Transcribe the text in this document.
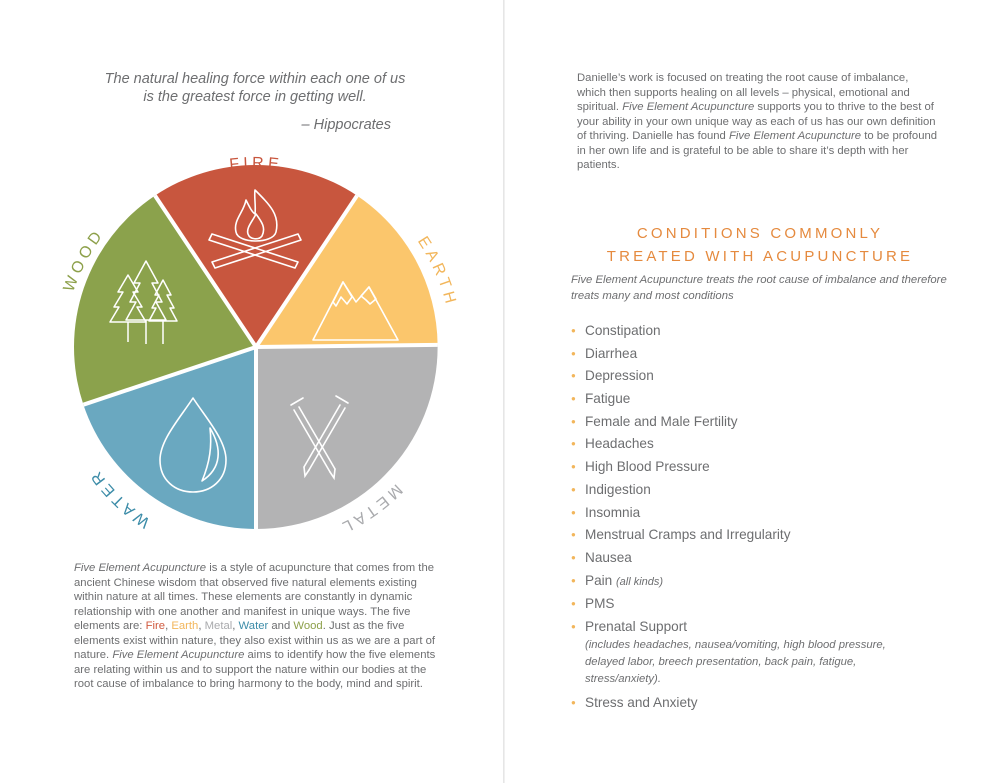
The natural healing force within each one of us is the greatest force in getting well.
– Hippocrates
FIRE
EARTH
METAL
WATER
WOOD
Five Element Acupuncture is a style of acupuncture that comes from the ancient Chinese wisdom that observed five natural elements existing within nature at all times. These elements are constantly in dynamic relationship with one another and manifest in unique ways. The five elements are: Fire, Earth, Metal, Water and Wood. Just as the five elements exist within nature, they also exist within us as we are a part of nature. Five Element Acupuncture aims to identify how the five elements are relating within us and to support the nature within our bodies at the root cause of imbalance to bring harmony to the body, mind and spirit.
Danielle’s work is focused on treating the root cause of imbalance, which then supports healing on all levels – physical, emotional and spiritual. Five Element Acupuncture supports you to thrive to the best of your ability in your own unique way as each of us has our own definition of thriving. Danielle has found Five Element Acupuncture to be profound in her own life and is grateful to be able to share it’s depth with her patients.
CONDITIONS COMMONLY
TREATED WITH ACUPUNCTURE
Five Element Acupuncture treats the root cause of imbalance and therefore treats many and most conditions
● Constipation
● Diarrhea
● Depression
● Fatigue
● Female and Male Fertility
● Headaches
● High Blood Pressure
● Indigestion
● Insomnia
● Menstrual Cramps and Irregularity
● Nausea
● Pain (all kinds)
● PMS
● Prenatal Support
(includes headaches, nausea/vomiting, high blood pressure, delayed labor, breech presentation, back pain, fatigue, stress/anxiety).
● Stress and Anxiety
